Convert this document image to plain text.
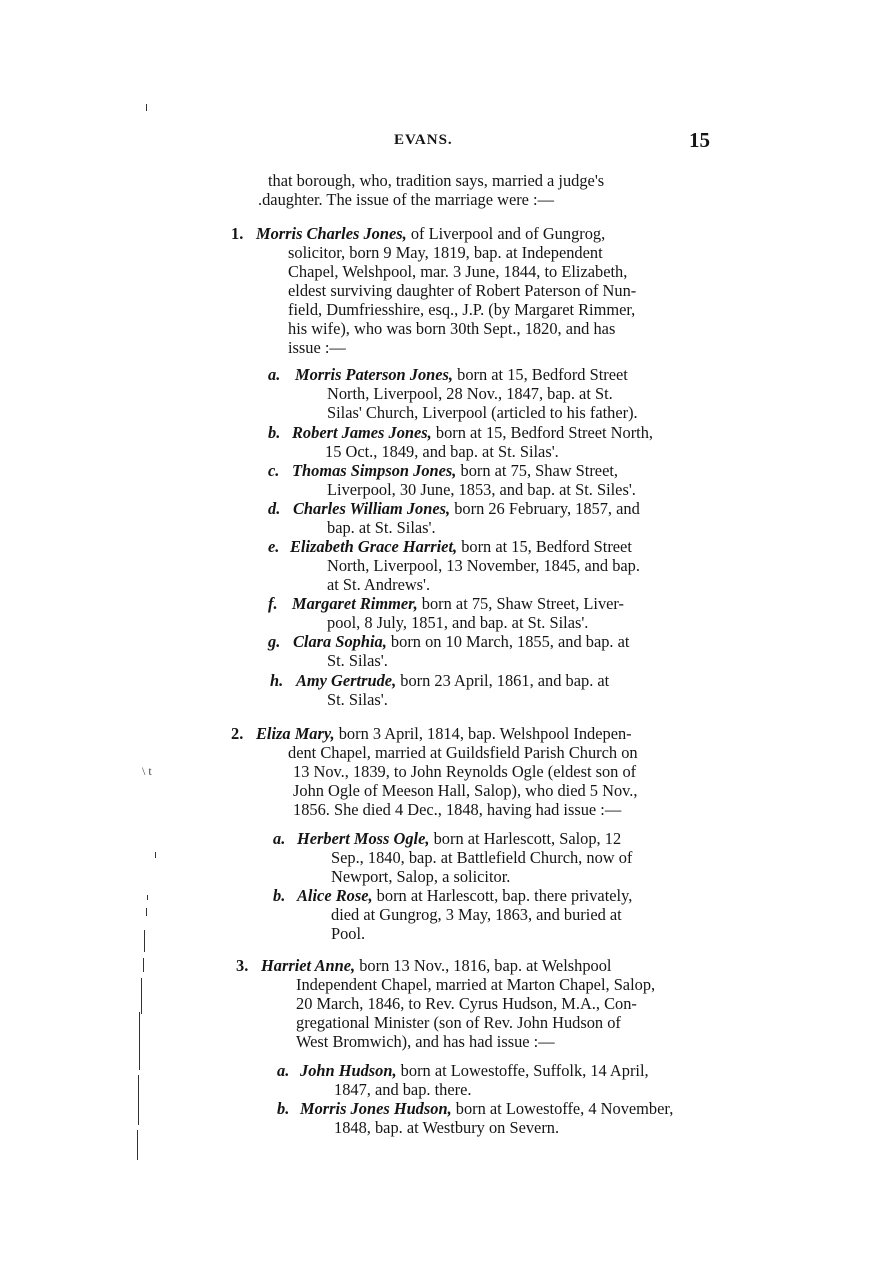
EVANS.	15
that borough, who, tradition says, married a judge's
.daughter. The issue of the marriage were :—
1. Morris Charles Jones, of Liverpool and of Gungrog,
solicitor, born 9 May, 1819, bap. at Independent
Chapel, Welshpool, mar. 3 June, 1844, to Elizabeth,
eldest surviving daughter of Robert Paterson of Nun-
field, Dumfriesshire, esq., J.P. (by Margaret Rimmer,
his wife), who was born 30th Sept., 1820, and has
issue :—
a. Morris Paterson Jones, born at 15, Bedford Street
North, Liverpool, 28 Nov., 1847, bap. at St.
Silas' Church, Liverpool (articled to his father).
b. Robert James Jones, born at 15, Bedford Street North,
15 Oct., 1849, and bap. at St. Silas'.
c. Thomas Simpson Jones, born at 75, Shaw Street,
Liverpool, 30 June, 1853, and bap. at St. Siles'.
d. Charles William Jones, born 26 February, 1857, and
bap. at St. Silas'.
e. Elizabeth Grace Harriet, born at 15, Bedford Street
North, Liverpool, 13 November, 1845, and bap.
at St. Andrews'.
f. Margaret Rimmer, born at 75, Shaw Street, Liver-
pool, 8 July, 1851, and bap. at St. Silas'.
g. Clara Sophia, born on 10 March, 1855, and bap. at
St. Silas'.
h. Amy Gertrude, born 23 April, 1861, and bap. at
St. Silas'.
2. Eliza Mary, born 3 April, 1814, bap. Welshpool Indepen-
dent Chapel, married at Guildsfield Parish Church on
13 Nov., 1839, to John Reynolds Ogle (eldest son of
John Ogle of Meeson Hall, Salop), who died 5 Nov.,
1856. She died 4 Dec., 1848, having had issue :—
a. Herbert Moss Ogle, born at Harlescott, Salop, 12
Sep., 1840, bap. at Battlefield Church, now of
Newport, Salop, a solicitor.
b. Alice Rose, born at Harlescott, bap. there privately,
died at Gungrog, 3 May, 1863, and buried at
Pool.
3. Harriet Anne, born 13 Nov., 1816, bap. at Welshpool
Independent Chapel, married at Marton Chapel, Salop,
20 March, 1846, to Rev. Cyrus Hudson, M.A., Con-
gregational Minister (son of Rev. John Hudson of
West Bromwich), and has had issue :—
a. John Hudson, born at Lowestoffe, Suffolk, 14 April,
1847, and bap. there.
b. Morris Jones Hudson, born at Lowestoffe, 4 November,
1848, bap. at Westbury on Severn.
\ t
